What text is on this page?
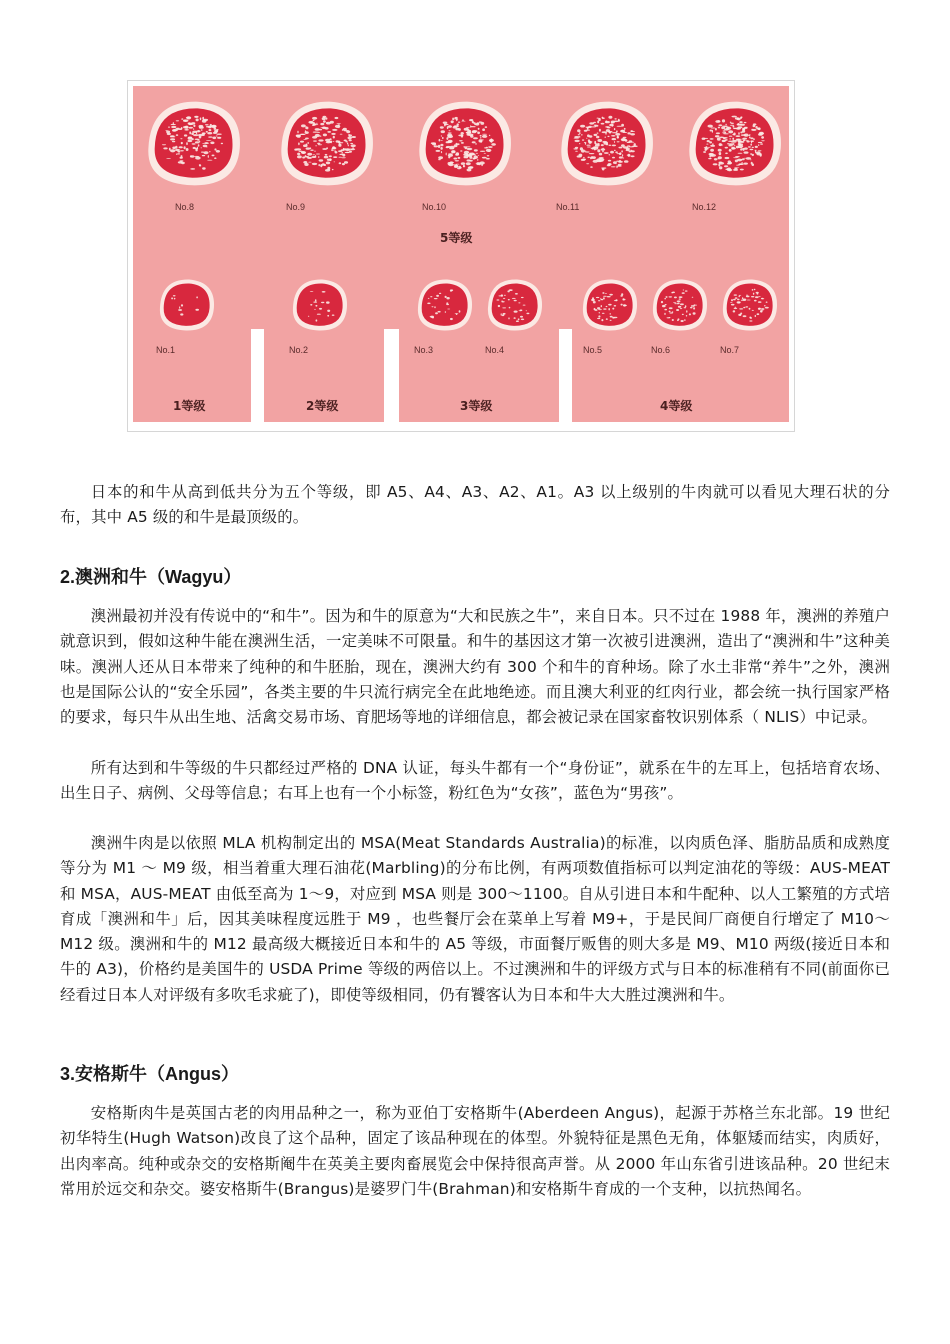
No.8	No.9	No.10	No.11	No.12
5等级
No.1	No.2	No.3	No.4	No.5	No.6	No.7
1等级	2等级	3等级	4等级

日本的和牛从高到低共分为五个等级，即 A5、A4、A3、A2、A1。A3 以上级别的牛肉就可以看见大理石状的分布，其中 A5 级的和牛是最顶级的。

2.澳洲和牛（Wagyu）

澳洲最初并没有传说中的“和牛”。因为和牛的原意为“大和民族之牛”，来自日本。只不过在 1988 年，澳洲的养殖户就意识到，假如这种牛能在澳洲生活，一定美味不可限量。和牛的基因这才第一次被引进澳洲，造出了“澳洲和牛”这种美味。澳洲人还从日本带来了纯种的和牛胚胎，现在，澳洲大约有 300 个和牛的育种场。除了水土非常“养牛”之外，澳洲也是国际公认的“安全乐园”，各类主要的牛只流行病完全在此地绝迹。而且澳大利亚的红肉行业，都会统一执行国家严格的要求，每只牛从出生地、活禽交易市场、育肥场等地的详细信息，都会被记录在国家畜牧识别体系（ NLIS）中记录。

所有达到和牛等级的牛只都经过严格的 DNA 认证，每头牛都有一个“身份证”，就系在牛的左耳上，包括培育农场、出生日子、病例、父母等信息；右耳上也有一个小标签，粉红色为“女孩”，蓝色为“男孩”。

澳洲牛肉是以依照 MLA 机构制定出的 MSA(Meat Standards Australia)的标准，以肉质色泽、脂肪品质和成熟度等分为 M1 ～ M9 级，相当着重大理石油花(Marbling)的分布比例，有两项数值指标可以判定油花的等级：AUS-MEAT 和 MSA，AUS-MEAT 由低至高为 1～9，对应到 MSA 则是 300～1100。自从引进日本和牛配种、以人工繁殖的方式培育成「澳洲和牛」后，因其美味程度远胜于 M9 ，也些餐厅会在菜单上写着 M9+，于是民间厂商便自行增定了 M10～ M12 级。澳洲和牛的 M12 最高级大概接近日本和牛的 A5 等级，市面餐厅贩售的则大多是 M9、M10 两级(接近日本和牛的 A3)，价格约是美国牛的 USDA Prime 等级的两倍以上。不过澳洲和牛的评级方式与日本的标准稍有不同(前面你已经看过日本人对评级有多吹毛求疵了)，即使等级相同，仍有饕客认为日本和牛大大胜过澳洲和牛。

3.安格斯牛（Angus）

安格斯肉牛是英国古老的肉用品种之一，称为亚伯丁安格斯牛(Aberdeen Angus)，起源于苏格兰东北部。19 世纪初华特生(Hugh Watson)改良了这个品种，固定了该品种现在的体型。外貌特征是黑色无角，体躯矮而结实，肉质好，出肉率高。纯种或杂交的安格斯阉牛在英美主要肉畜展览会中保持很高声誉。从 2000 年山东省引进该品种。20 世纪末常用於远交和杂交。婆安格斯牛(Brangus)是婆罗门牛(Brahman)和安格斯牛育成的一个支种，以抗热闻名。
